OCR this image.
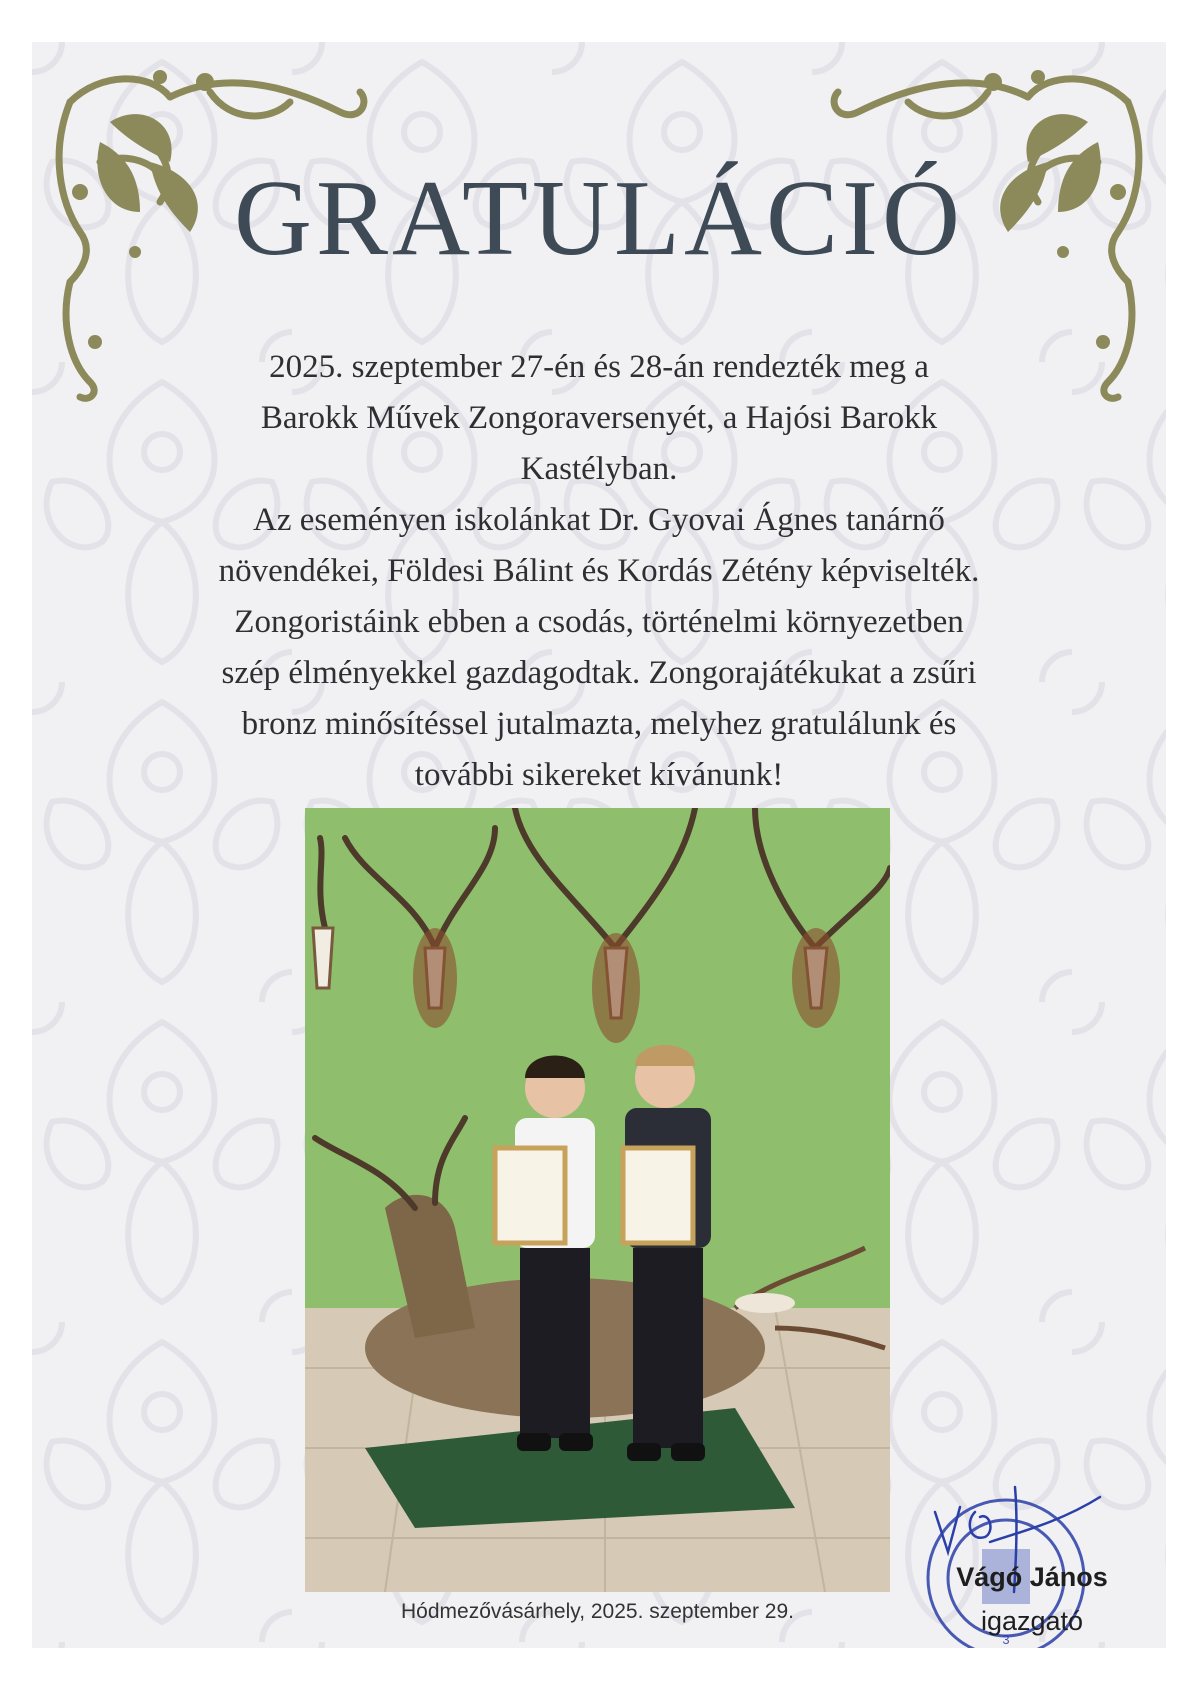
GRATULÁCIÓ

2025. szeptember 27-én és 28-án rendezték meg a
Barokk Művek Zongoraversenyét, a Hajósi Barokk
Kastélyban.
Az eseményen iskolánkat Dr. Gyovai Ágnes tanárnő
növendékei, Földesi Bálint és Kordás Zétény képviselték.
Zongoristáink ebben a csodás, történelmi környezetben
szép élményekkel gazdagodtak. Zongorajátékukat a zsűri
bronz minősítéssel jutalmazta, melyhez gratulálunk és
további sikereket kívánunk!

Hódmezővásárhely, 2025. szeptember 29.
3
Vágó János
igazgató
